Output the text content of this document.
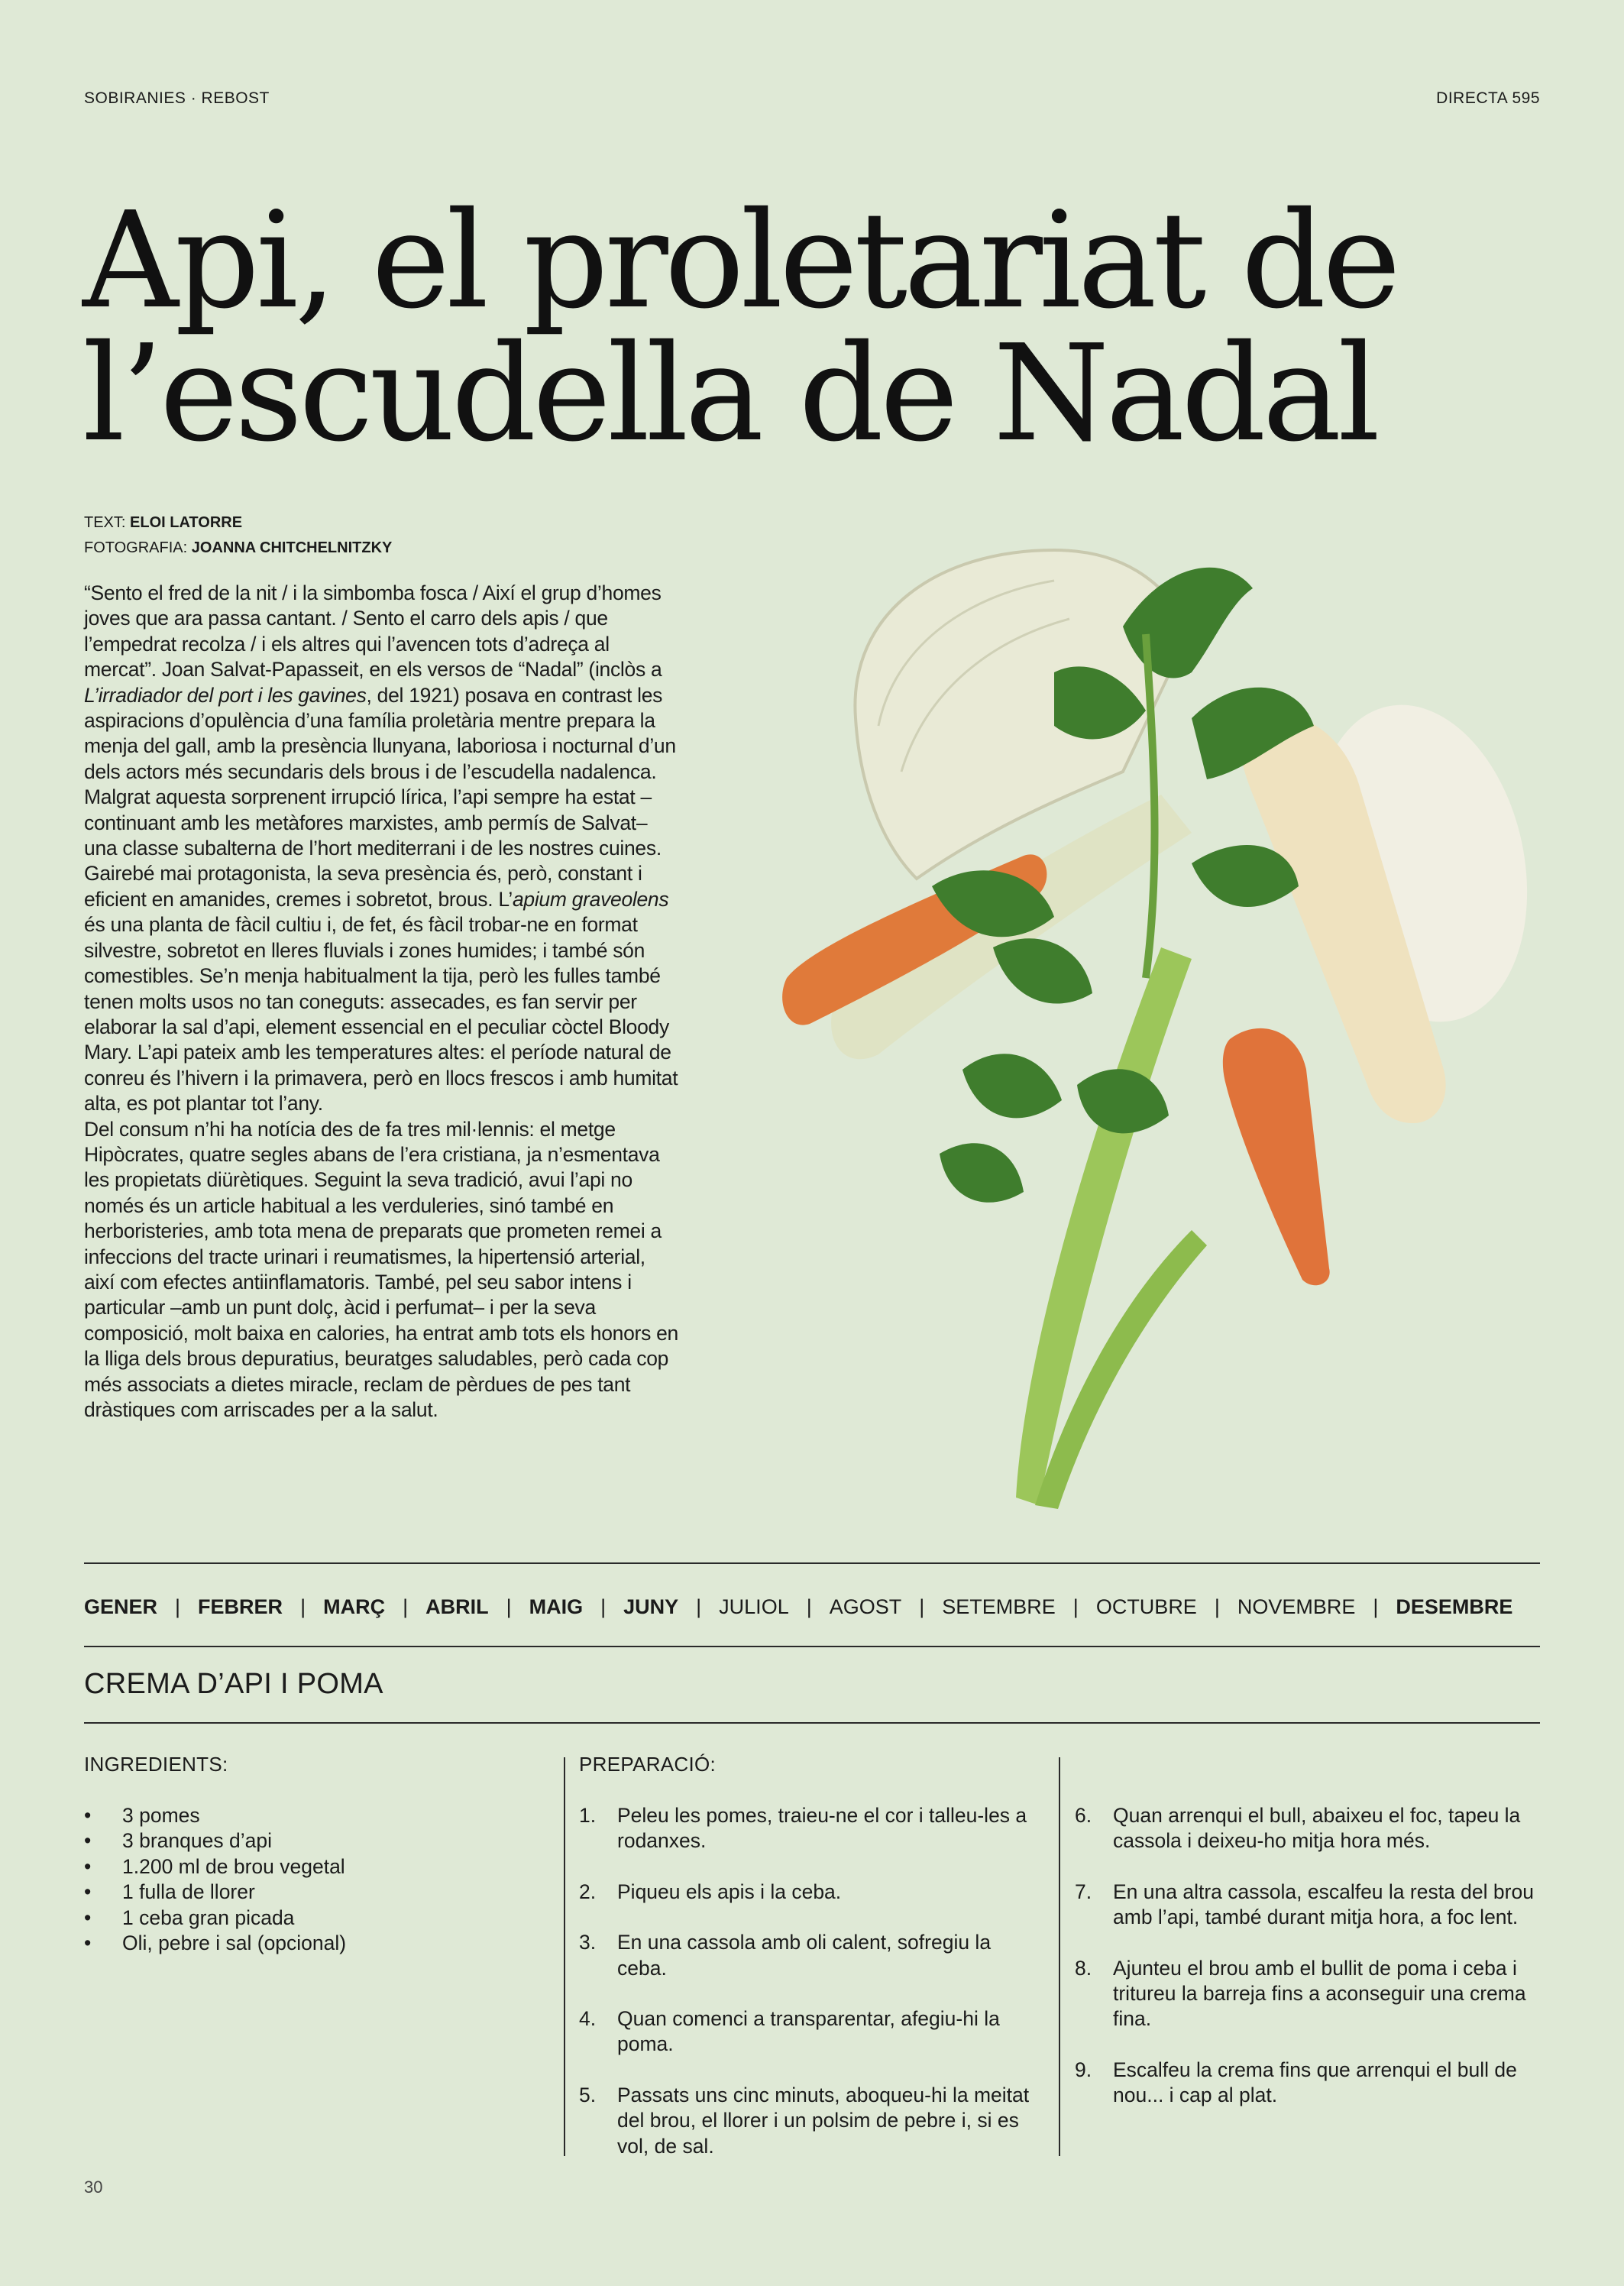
SOBIRANIES · REBOST	DIRECTA 595
Api, el proletariat de
l’escudella de Nadal
TEXT: ELOI LATORRE
FOTOGRAFIA: JOANNA CHITCHELNITZKY

“Sento el fred de la nit / i la simbomba fosca / Així el grup d’homes joves que ara passa cantant. / Sento el carro dels apis / que l’empedrat recolza / i els altres qui l’avencen tots d’adreça al mercat”. Joan Salvat-Papasseit, en els versos de “Nadal” (inclòs a L’irradiador del port i les gavines, del 1921) posava en contrast les aspiracions d’opulència d’una família proletària mentre prepara la menja del gall, amb la presència llunyana, laboriosa i nocturnal d’un dels actors més secundaris dels brous i de l’escudella nadalenca.

Malgrat aquesta sorprenent irrupció lírica, l’api sempre ha estat –continuant amb les metàfores marxistes, amb permís de Salvat– una classe subalterna de l’hort mediterrani i de les nostres cuines. Gairebé mai protagonista, la seva presència és, però, constant i eficient en amanides, cremes i sobretot, brous. L’apium graveolens és una planta de fàcil cultiu i, de fet, és fàcil trobar-ne en format silvestre, sobretot en lleres fluvials i zones humides; i també són comestibles. Se’n menja habitualment la tija, però les fulles també tenen molts usos no tan coneguts: assecades, es fan servir per elaborar la sal d’api, element essencial en el peculiar còctel Bloody Mary. L’api pateix amb les temperatures altes: el període natural de conreu és l’hivern i la primavera, però en llocs frescos i amb humitat alta, es pot plantar tot l’any.

Del consum n’hi ha notícia des de fa tres mil·lennis: el metge Hipòcrates, quatre segles abans de l’era cristiana, ja n’esmentava les propietats diürètiques. Seguint la seva tradició, avui l’api no només és un article habitual a les verduleries, sinó també en herboristeries, amb tota mena de preparats que prometen remei a infeccions del tracte urinari i reumatismes, la hipertensió arterial, així com efectes antiinflamatoris. També, pel seu sabor intens i particular –amb un punt dolç, àcid i perfumat– i per la seva composició, molt baixa en calories, ha entrat amb tots els honors en la lliga dels brous depuratius, beuratges saludables, però cada cop més associats a dietes miracle, reclam de pèrdues de pes tant dràstiques com arriscades per a la salut.

GENER | FEBRER | MARÇ | ABRIL | MAIG | JUNY | JULIOL | AGOST | SETEMBRE | OCTUBRE | NOVEMBRE | DESEMBRE
CREMA D’API I POMA
INGREDIENTS:	PREPARACIÓ:
• 3 pomes
• 3 branques d’api
• 1.200 ml de brou vegetal
• 1 fulla de llorer
• 1 ceba gran picada
• Oli, pebre i sal (opcional)
1. Peleu les pomes, traieu-ne el cor i talleu-les a rodanxes.
2. Piqueu els apis i la ceba.
3. En una cassola amb oli calent, sofregiu la ceba.
4. Quan comenci a transparentar, afegiu-hi la poma.
5. Passats uns cinc minuts, aboqueu-hi la meitat del brou, el llorer i un polsim de pebre i, si es vol, de sal.
6. Quan arrenqui el bull, abaixeu el foc, tapeu la cassola i deixeu-ho mitja hora més.
7. En una altra cassola, escalfeu la resta del brou amb l’api, també durant mitja hora, a foc lent.
8. Ajunteu el brou amb el bullit de poma i ceba i tritureu la barreja fins a aconseguir una crema fina.
9. Escalfeu la crema fins que arrenqui el bull de nou... i cap al plat.
30
